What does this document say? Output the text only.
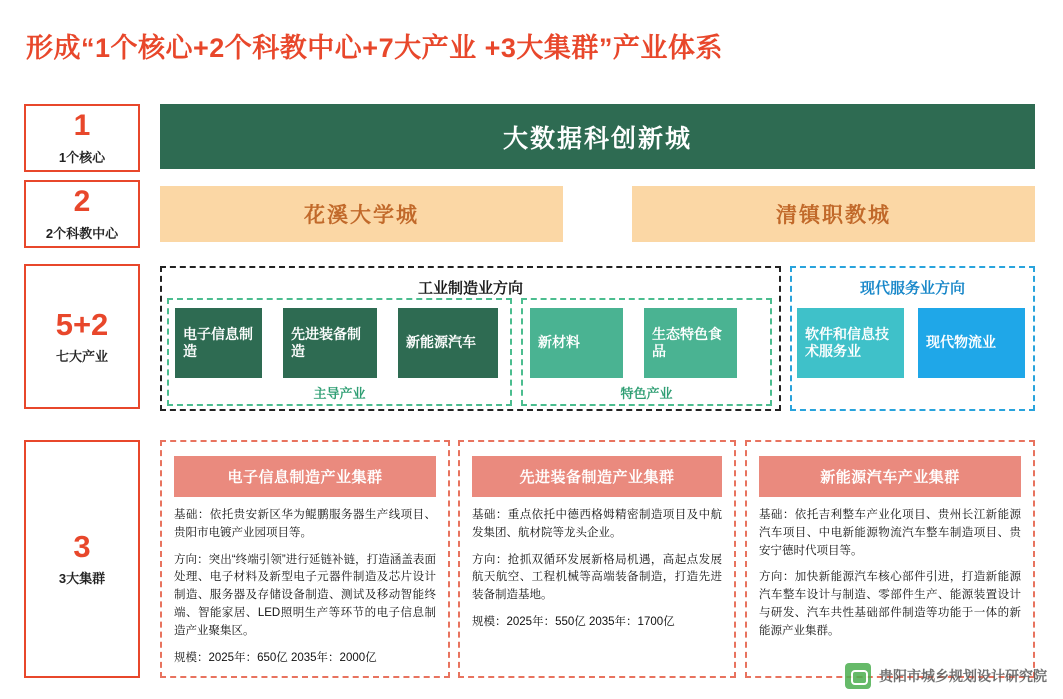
形成“1个核心+2个科教中心+7大产业 +3大集群”产业体系
1
1个核心
2
2个科教中心
5+2
七大产业
3
3大集群
大数据科创新城
花溪大学城	清镇职教城
工业制造业方向	现代服务业方向
主导产业	特色产业
电子信息制造
先进装备制造
新能源汽车	新材料
生态特色食品
软件和信息技术服务业
现代物流业
电子信息制造产业集群
基础：依托贵安新区华为鲲鹏服务器生产线项目、贵阳市电镀产业园项目等。
方向：突出“终端引领”进行延链补链，打造涵盖表面处理、电子材料及新型电子元器件制造及芯片设计制造、服务器及存储设备制造、测试及移动智能终端、智能家居、LED照明生产等环节的电子信息制造产业聚集区。
规模：2025年：650亿 2035年：2000亿
先进装备制造产业集群
基础：重点依托中德西格姆精密制造项目及中航发集团、航材院等龙头企业。
方向：抢抓双循环发展新格局机遇，高起点发展航天航空、工程机械等高端装备制造，打造先进装备制造基地。
规模：2025年：550亿 2035年：1700亿
新能源汽车产业集群
基础：依托吉利整车产业化项目、贵州长江新能源汽车项目、中电新能源物流汽车整车制造项目、贵安宁德时代项目等。
方向：加快新能源汽车核心部件引进，打造新能源汽车整车设计与制造、零部件生产、能源装置设计与研发、汽车共性基础部件制造等功能于一体的新能源产业集群。
贵阳市城乡规划设计研究院
